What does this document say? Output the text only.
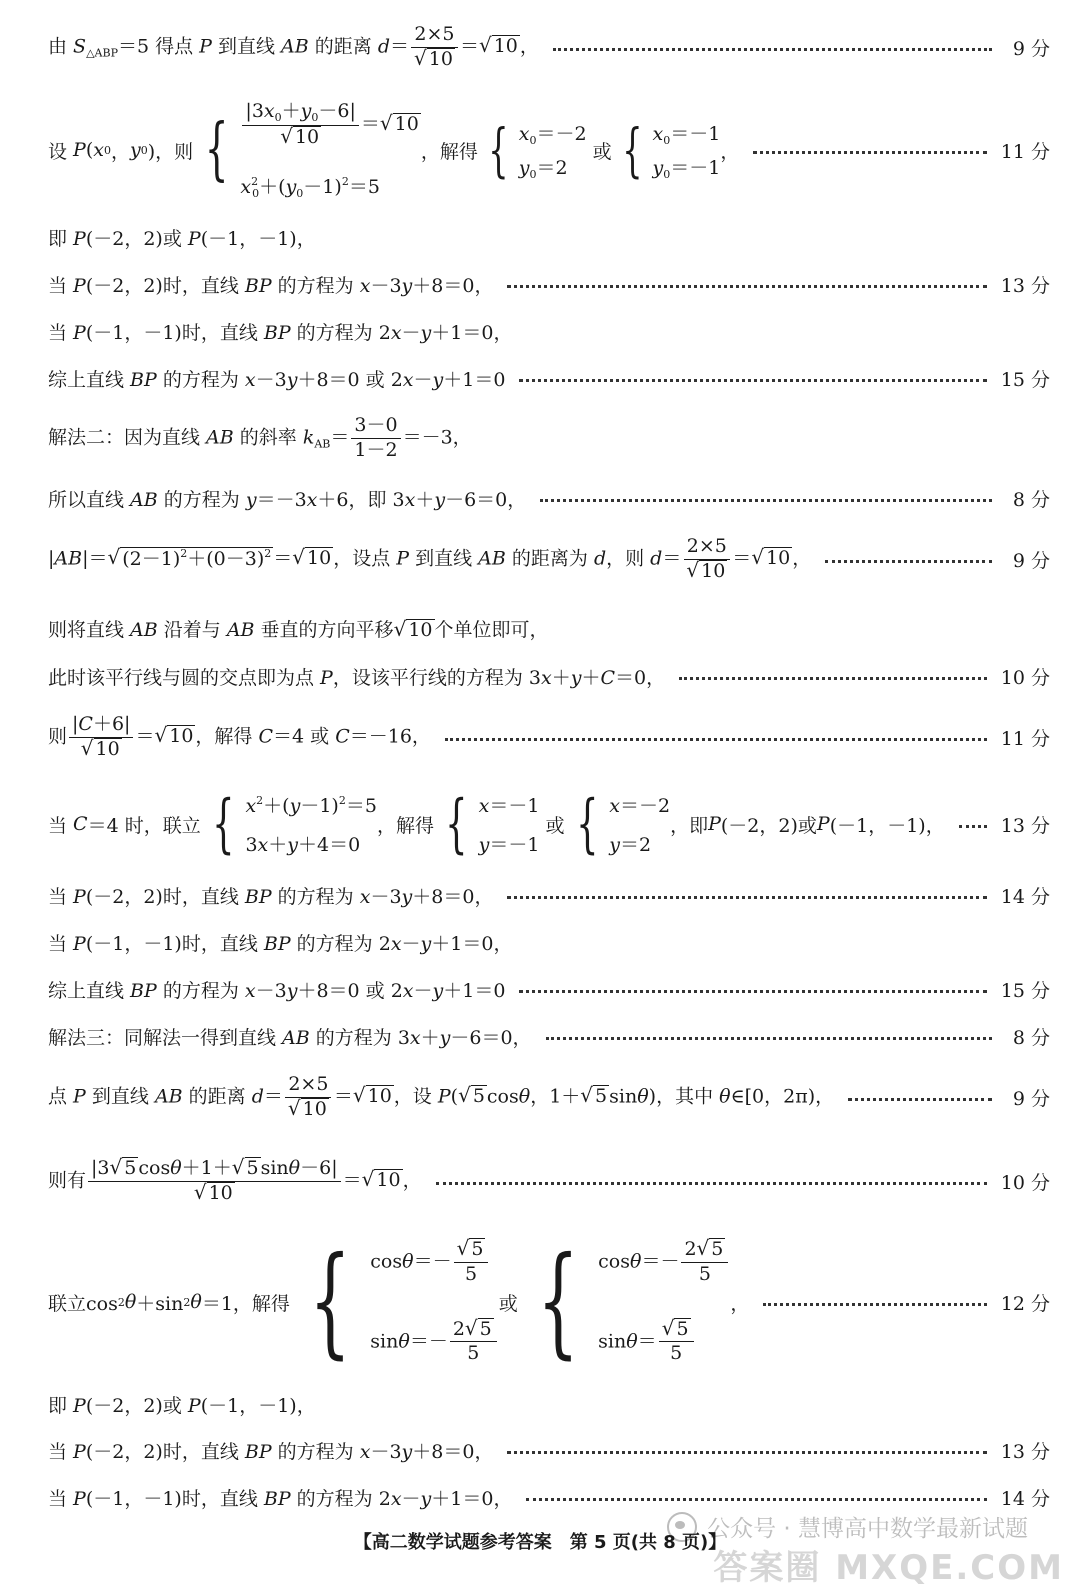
由 $S_{\triangle ABP}=5$ 得点 P 到直线 AB 的距离 $d= \frac{2\times 5}{√ 10}$ ＝ √ 10 ，	9 分
设 P ( x 0 ， y 0 )，则 { $\frac{|3x_0+y_0-6|}{√ 10}$ ＝ √ 10
$x^2_0+(y_0-1)^2=5$
，解得 { $x_0=-2$
$y_0=2$
或 { $x_0=-1$
$y_0=-1$
，	11 分
即 P(－2，2)或 P(－1，－1)，
当 P(－2，2)时，直线 BP 的方程为 x－3y＋8＝0，	13 分
当 P(－1，－1)时，直线 BP 的方程为 2x－y＋1＝0，
综上直线 BP 的方程为 x－3y＋8＝0 或 2x－y＋1＝0	15 分
解法二：因为直线 AB 的斜率 $k_{AB}= \frac{3-0}{1-2} =-3$，
所以直线 AB 的方程为 y＝－3x＋6，即 3x＋y－6＝0，	8 分
|AB|＝ √ $(2-1)^2+(0-3)^2$ ＝ √ 10 ，设点 P 到直线 AB 的距离为 d，则 $d= \frac{2\times 5}{√ 10}$ ＝ √ 10 ，	9 分
则将直线 AB 沿着与 AB 垂直的方向平移 √ 10 个单位即可，
此时该平行线与圆的交点即为点 P，设该平行线的方程为 3x＋y＋C＝0，	10 分
则 $\frac{|C+6|}{√ 10}$ ＝ √ 10 ，解得 C＝4 或 C＝－16，	11 分
当 C ＝4 时，联立 { $x^2+(y-1)^2=5$
3x＋y＋4＝0
，解得 { x＝－1
y＝－1
或 { x＝－2
y＝2
，即 P (－2，2)或 P (－1，－1)，	13 分
当 P(－2，2)时，直线 BP 的方程为 x－3y＋8＝0，	14 分
当 P(－1，－1)时，直线 BP 的方程为 2x－y＋1＝0，
综上直线 BP 的方程为 x－3y＋8＝0 或 2x－y＋1＝0	15 分
解法三：同解法一得到直线 AB 的方程为 3x＋y－6＝0，	8 分
点 P 到直线 AB 的距离 $d= \frac{2\times 5}{√ 10}$ ＝ √ 10 ，设 P( √ 5 cosθ，1＋ √ 5 sinθ)，其中 θ∈[0，2π)，	9 分
则有 $\frac{|3 √ 5 \cos\theta+1+ √ 5 \sin\theta-6|}{√ 10}$ ＝ √ 10 ，	10 分
联立cos 2 θ ＋sin 2 θ ＝1，解得 { $\cos\theta=- \frac{√ 5}{5}$
$\sin\theta=- \frac{2 √ 5}{5}$
或 { $\cos\theta=- \frac{2 √ 5}{5}$
$\sin\theta= \frac{√ 5}{5}$
，	12 分
即 P(－2，2)或 P(－1，－1)，
当 P(－2，2)时，直线 BP 的方程为 x－3y＋8＝0，	13 分
当 P(－1，－1)时，直线 BP 的方程为 2x－y＋1＝0，	14 分
公众号 · 慧博高中数学最新试题
答案圈 MXQE.COM
【高二数学试题参考答案　第 5 页(共 8 页)】
